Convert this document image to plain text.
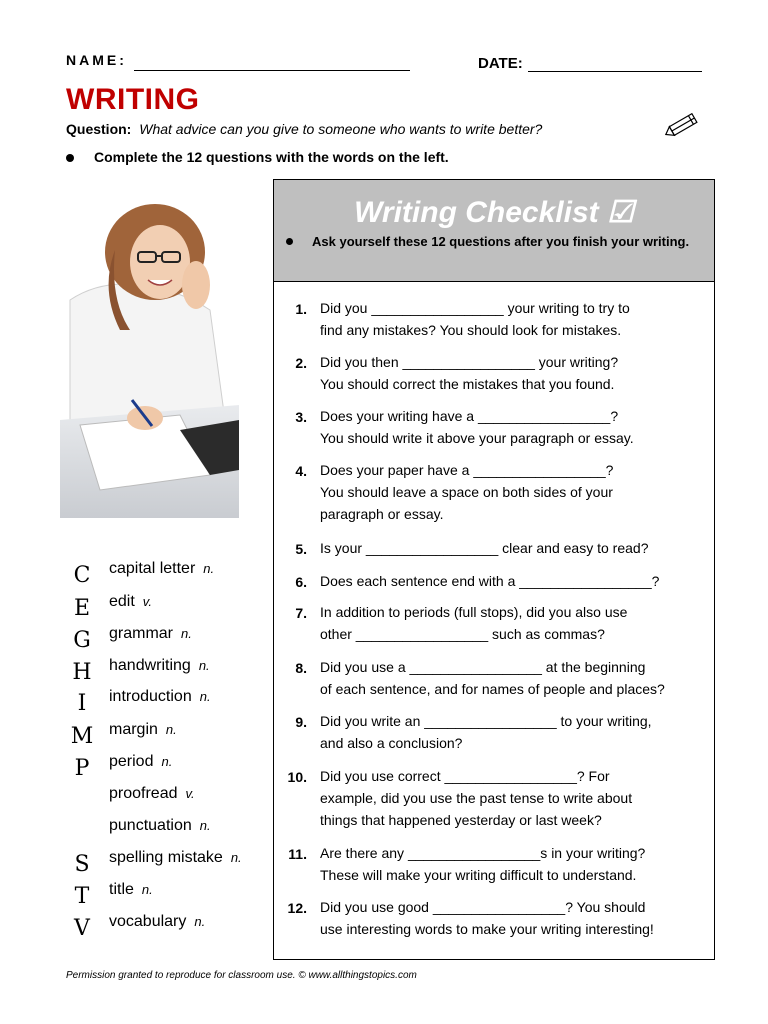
NAME:	DATE:
WRITING
Question: What advice can you give to someone who wants to write better?
Complete the 12 questions with the words on the left.
C capital letter n.
E edit v.
G grammar n.
H handwriting n.
I	introduction n.
M margin n.
P period n.
proofread v.
punctuation n.
S spelling mistake n.
T title n.
V vocabulary n.
Writing Checklist ☑
Ask yourself these 12 questions after you finish your writing.
1. Did you _________________ your writing to try to
find any mistakes? You should look for mistakes.
2. Did you then _________________ your writing?
You should correct the mistakes that you found.
3. Does your writing have a _________________?
You should write it above your paragraph or essay.
4. Does your paper have a _________________?
You should leave a space on both sides of your
paragraph or essay.
5. Is your _________________ clear and easy to read?
6. Does each sentence end with a _________________?
7. In addition to periods (full stops), did you also use
other _________________ such as commas?
8. Did you use a _________________ at the beginning
of each sentence, and for names of people and places?
9. Did you write an _________________ to your writing,
and also a conclusion?
10. Did you use correct _________________? For
example, did you use the past tense to write about
things that happened yesterday or last week?
11. Are there any _________________s in your writing?
These will make your writing difficult to understand.
12. Did you use good _________________? You should
use interesting words to make your writing interesting!
Permission granted to reproduce for classroom use. © www.allthingstopics.com
